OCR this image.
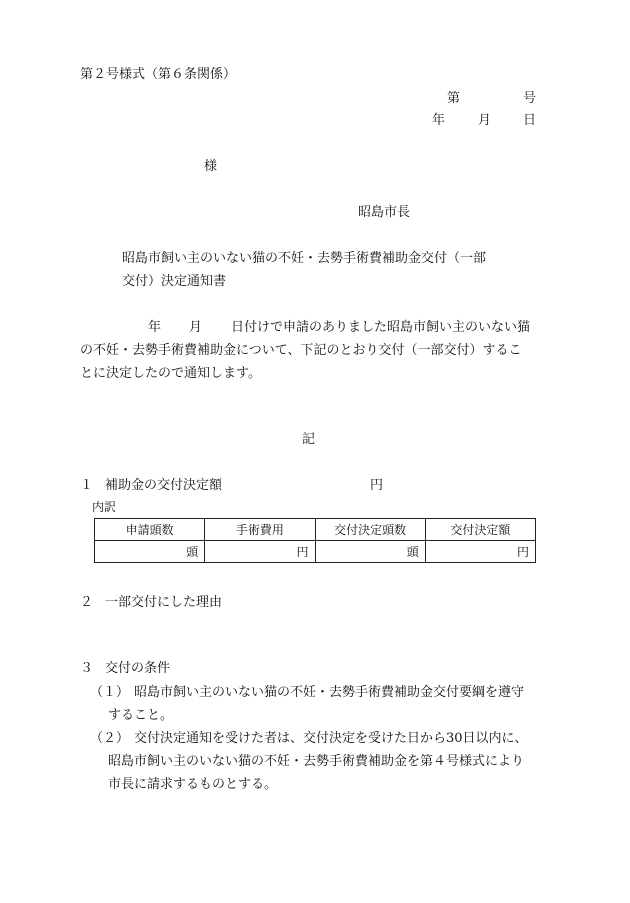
第２号様式（第６条関係）
第	号
年	月 日
様
昭島市長
昭島市飼い主のいない猫の不妊・去勢手術費補助金交付（一部
交付）決定通知書
年 月 日付けで申請のありました昭島市飼い主のいない猫
の不妊・去勢手術費補助金について、下記のとおり交付（一部交付）するこ
とに決定したので通知します。
記
１ 補助金の交付決定額	円
内訳
申請頭数	手術費用	交付決定頭数	交付決定額
頭	円	頭	円
２ 一部交付にした理由
３ 交付の条件
（１） 昭島市飼い主のいない猫の不妊・去勢手術費補助金交付要綱を遵守
すること。
（２） 交付決定通知を受けた者は、交付決定を受けた日から30日以内に、
昭島市飼い主のいない猫の不妊・去勢手術費補助金を第４号様式により
市長に請求するものとする。
